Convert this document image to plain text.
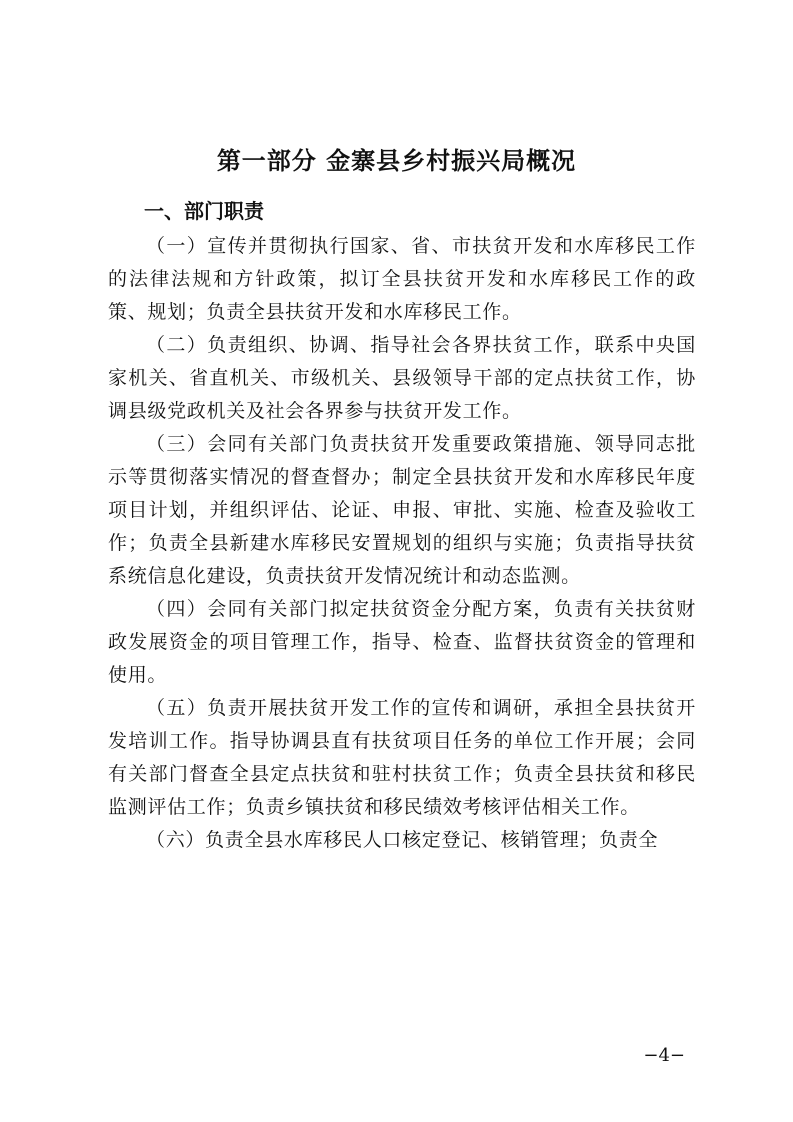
第一部分 金寨县乡村振兴局概况
一、部门职责

（一）宣传并贯彻执行国家、省、市扶贫开发和水库移民工作的法律法规和方针政策，拟订全县扶贫开发和水库移民工作的政策、规划；负责全县扶贫开发和水库移民工作。

（二）负责组织、协调、指导社会各界扶贫工作，联系中央国家机关、省直机关、市级机关、县级领导干部的定点扶贫工作，协调县级党政机关及社会各界参与扶贫开发工作。

（三）会同有关部门负责扶贫开发重要政策措施、领导同志批示等贯彻落实情况的督查督办；制定全县扶贫开发和水库移民年度项目计划，并组织评估、论证、申报、审批、实施、检查及验收工作；负责全县新建水库移民安置规划的组织与实施；负责指导扶贫系统信息化建设，负责扶贫开发情况统计和动态监测。

（四）会同有关部门拟定扶贫资金分配方案，负责有关扶贫财政发展资金的项目管理工作，指导、检查、监督扶贫资金的管理和使用。

（五）负责开展扶贫开发工作的宣传和调研，承担全县扶贫开发培训工作。指导协调县直有扶贫项目任务的单位工作开展；会同有关部门督查全县定点扶贫和驻村扶贫工作；负责全县扶贫和移民监测评估工作；负责乡镇扶贫和移民绩效考核评估相关工作。

（六）负责全县水库移民人口核定登记、核销管理；负责全

−4−
